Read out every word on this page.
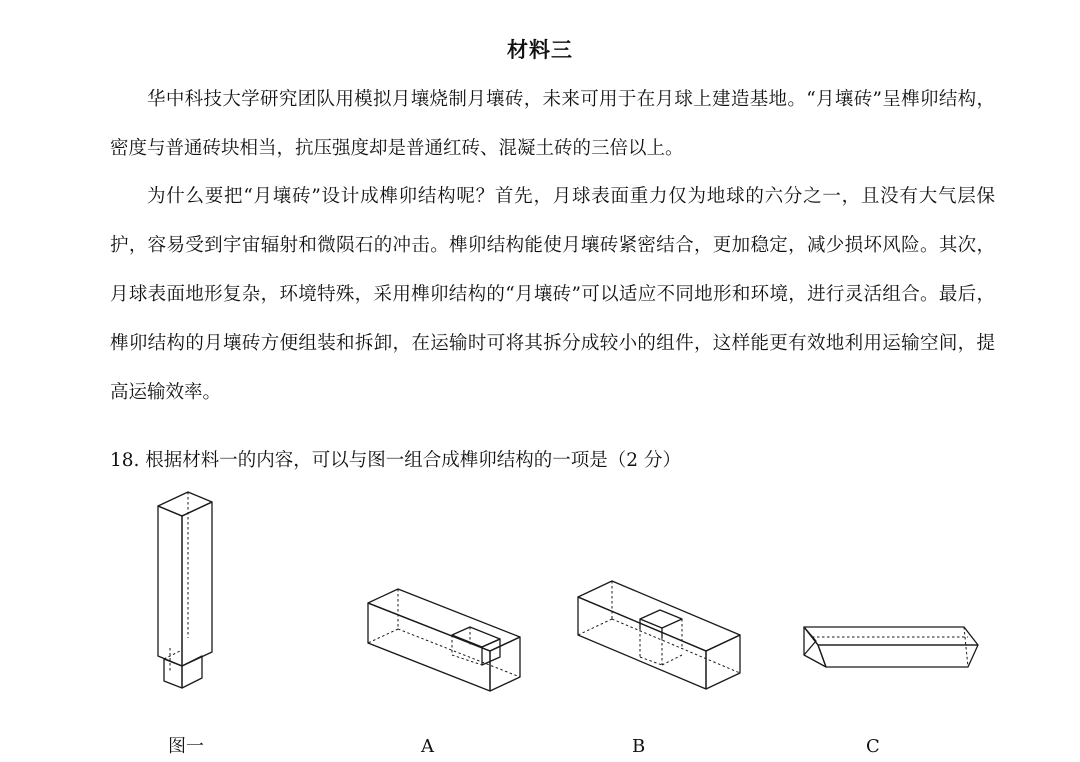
材料三

华中科技大学研究团队用模拟月壤烧制月壤砖，未来可用于在月球上建造基地。“月壤砖”呈榫卯结构，密度与普通砖块相当，抗压强度却是普通红砖、混凝土砖的三倍以上。

为什么要把“月壤砖”设计成榫卯结构呢？首先，月球表面重力仅为地球的六分之一，且没有大气层保护，容易受到宇宙辐射和微陨石的冲击。榫卯结构能使月壤砖紧密结合，更加稳定，减少损坏风险。其次，月球表面地形复杂，环境特殊，采用榫卯结构的“月壤砖”可以适应不同地形和环境，进行灵活组合。最后，榫卯结构的月壤砖方便组装和拆卸，在运输时可将其拆分成较小的组件，这样能更有效地利用运输空间，提高运输效率。

18. 根据材料一的内容，可以与图一组合成榫卯结构的一项是（2 分）
图一	A	B	C
